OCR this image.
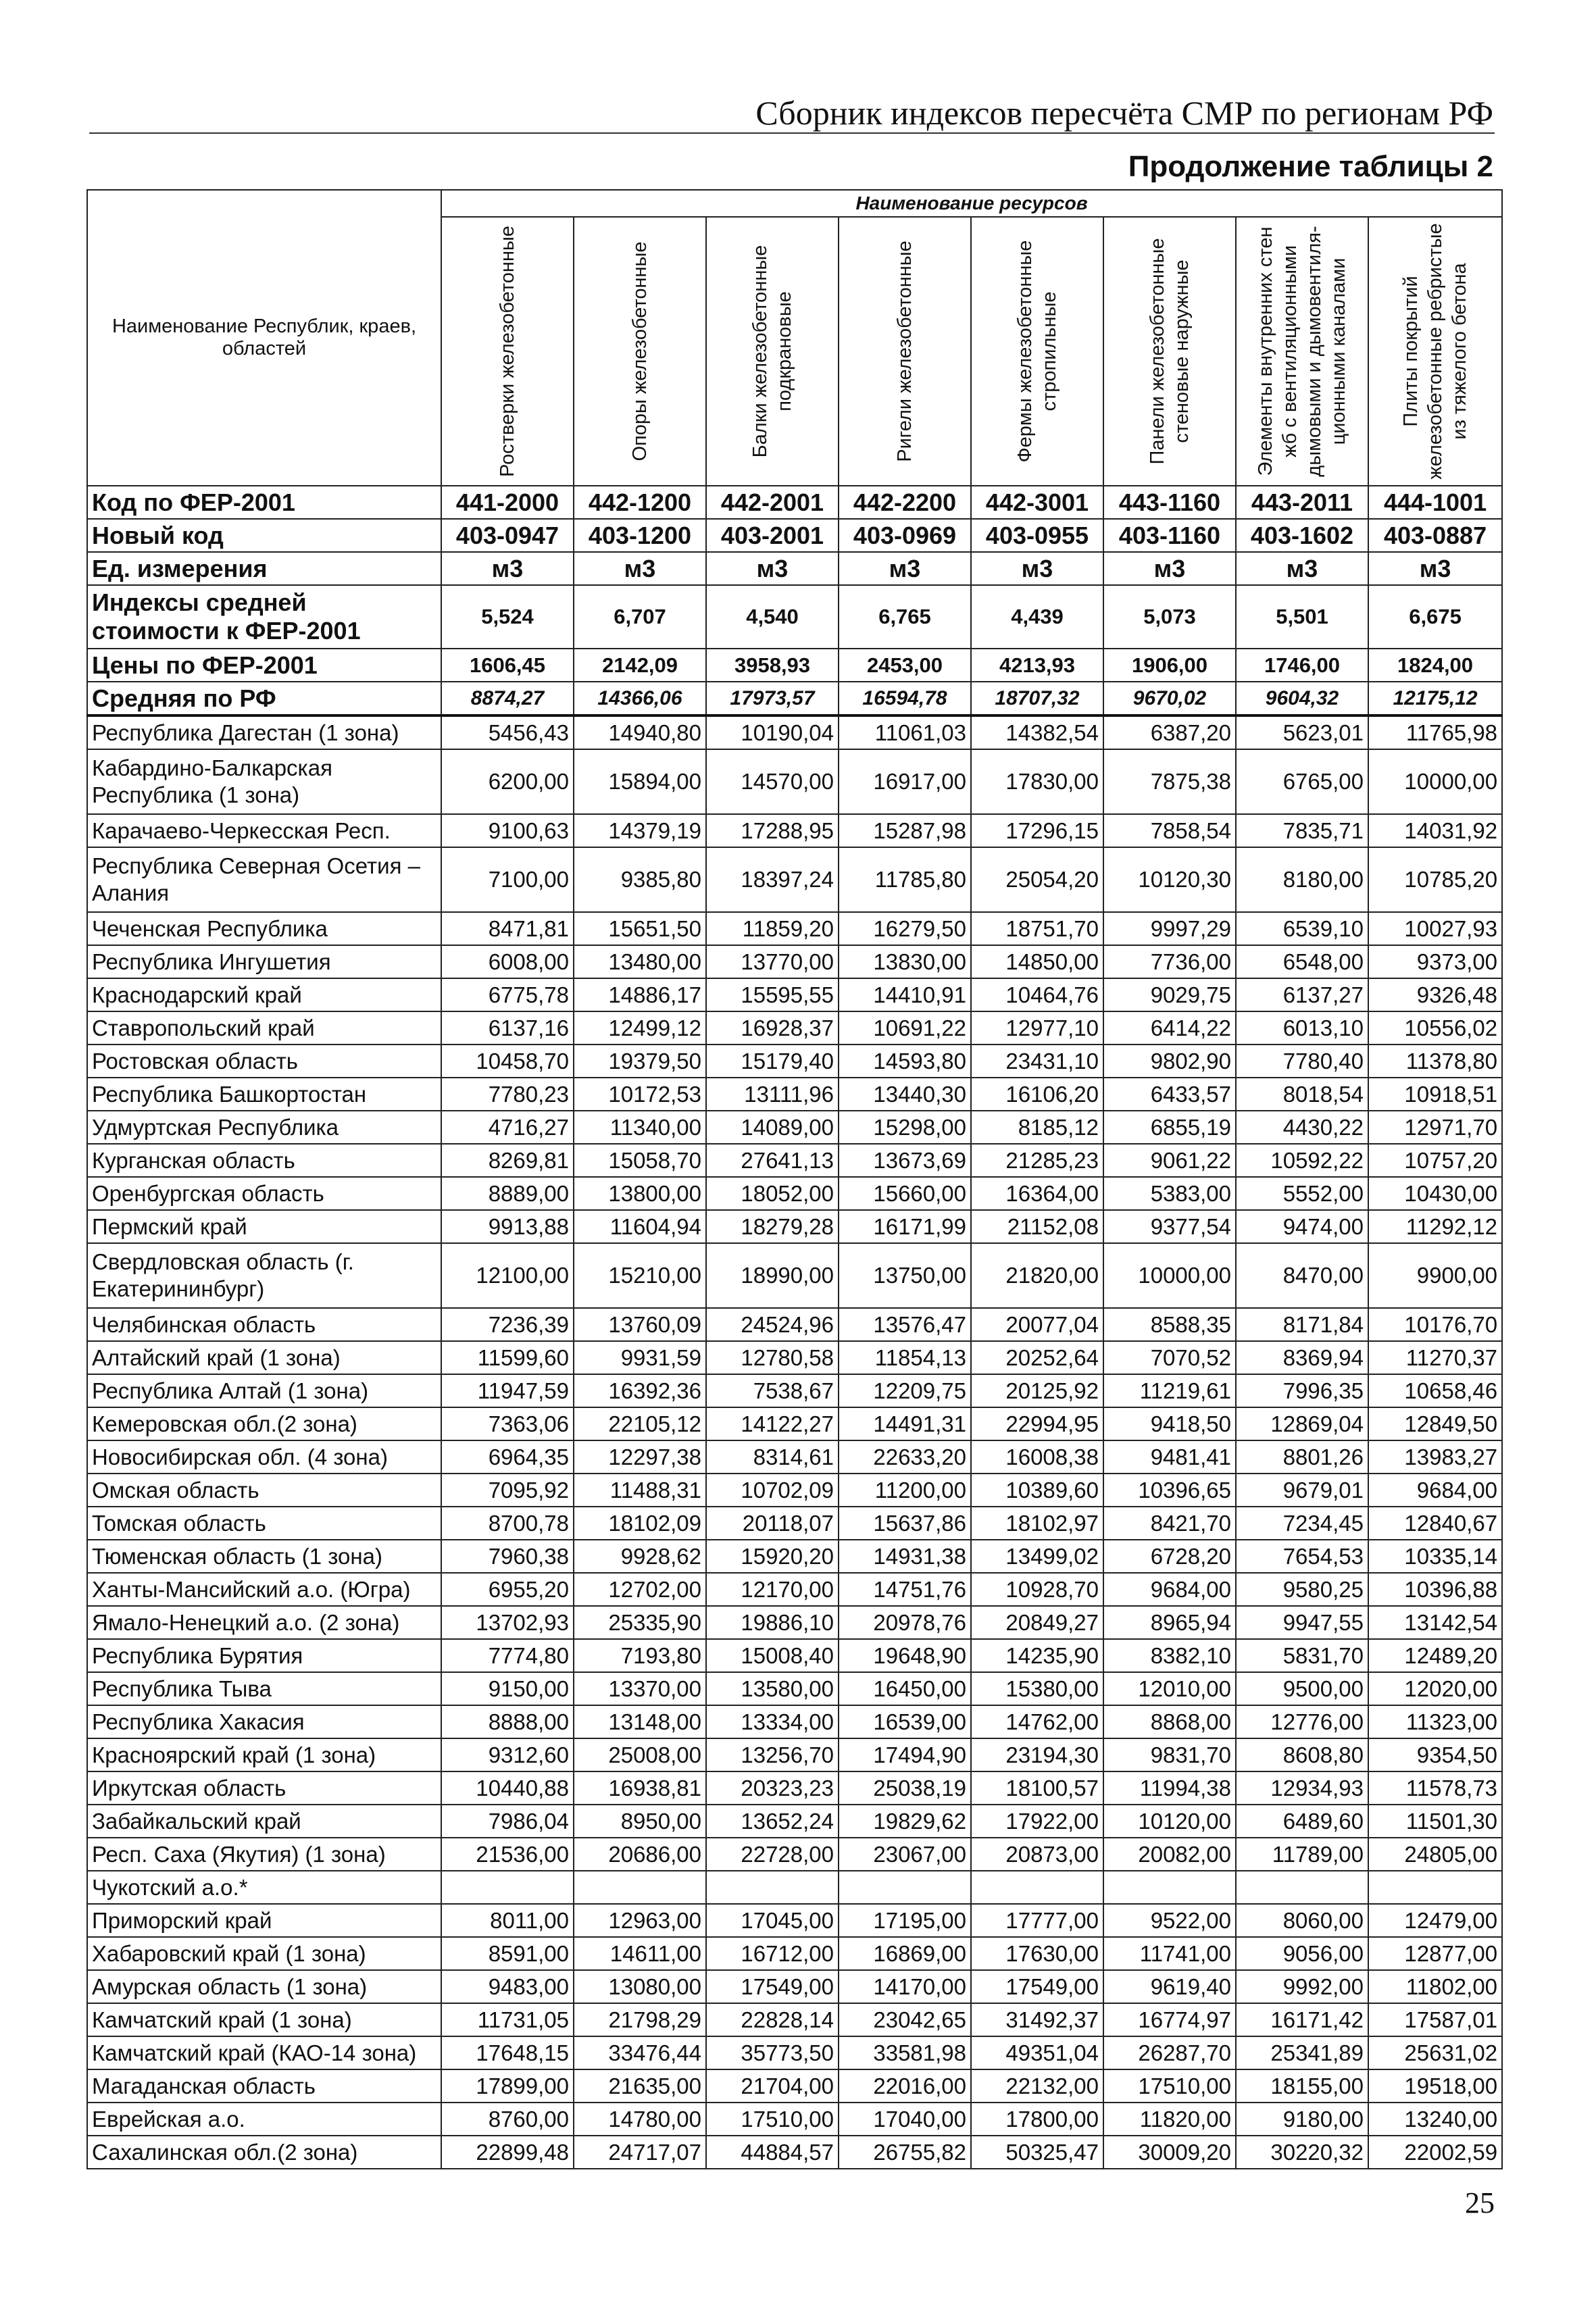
Сборник индексов пересчёта СМР по регионам РФ
Продолжение таблицы 2
Наименование Республик, краев, областей	Наименование ресурсов							

	Ростверки железобетонные	Опоры железобетонные	Балки железобетонные подкрановые	Ригели железобетонные	Фермы железобетонные стропильные	Панели железобетонные стеновые наружные	Элементы внутренних стен жб с вентиляционными дымовыми и дымовентиля-ционными каналами	Плиты покрытий железобетонные ребристые из тяжелого бетона

Код по ФЕР-2001	441-2000	442-1200	442-2001	442-2200	442-3001	443-1160	443-2011	444-1001
Новый код	403-0947	403-1200	403-2001	403-0969	403-0955	403-1160	403-1602	403-0887
Ед. измерения	м3	м3	м3	м3	м3	м3	м3	м3
Индексы средней стоимости к ФЕР-2001	5,524	6,707	4,540	6,765	4,439	5,073	5,501	6,675
Цены по ФЕР-2001	1606,45	2142,09	3958,93	2453,00	4213,93	1906,00	1746,00	1824,00
Средняя по РФ	8874,27	14366,06	17973,57	16594,78	18707,32	9670,02	9604,32	12175,12
Республика Дагестан (1 зона)	5456,43	14940,80	10190,04	11061,03	14382,54	6387,20	5623,01	11765,98
Кабардино-Балкарская Республика (1 зона)	6200,00	15894,00	14570,00	16917,00	17830,00	7875,38	6765,00	10000,00
Карачаево-Черкесская Респ.	9100,63	14379,19	17288,95	15287,98	17296,15	7858,54	7835,71	14031,92
Республика Северная Осетия – Алания	7100,00	9385,80	18397,24	11785,80	25054,20	10120,30	8180,00	10785,20
Чеченская Республика	8471,81	15651,50	11859,20	16279,50	18751,70	9997,29	6539,10	10027,93
Республика Ингушетия	6008,00	13480,00	13770,00	13830,00	14850,00	7736,00	6548,00	9373,00
Краснодарский край	6775,78	14886,17	15595,55	14410,91	10464,76	9029,75	6137,27	9326,48
Ставропольский край	6137,16	12499,12	16928,37	10691,22	12977,10	6414,22	6013,10	10556,02
Ростовская область	10458,70	19379,50	15179,40	14593,80	23431,10	9802,90	7780,40	11378,80
Республика Башкортостан	7780,23	10172,53	13111,96	13440,30	16106,20	6433,57	8018,54	10918,51
Удмуртская Республика	4716,27	11340,00	14089,00	15298,00	8185,12	6855,19	4430,22	12971,70
Курганская область	8269,81	15058,70	27641,13	13673,69	21285,23	9061,22	10592,22	10757,20
Оренбургская область	8889,00	13800,00	18052,00	15660,00	16364,00	5383,00	5552,00	10430,00
Пермский край	9913,88	11604,94	18279,28	16171,99	21152,08	9377,54	9474,00	11292,12
Свердловская область (г. Екатерининбург)	12100,00	15210,00	18990,00	13750,00	21820,00	10000,00	8470,00	9900,00
Челябинская область	7236,39	13760,09	24524,96	13576,47	20077,04	8588,35	8171,84	10176,70
Алтайский край (1 зона)	11599,60	9931,59	12780,58	11854,13	20252,64	7070,52	8369,94	11270,37
Республика Алтай (1 зона)	11947,59	16392,36	7538,67	12209,75	20125,92	11219,61	7996,35	10658,46
Кемеровская обл.(2 зона)	7363,06	22105,12	14122,27	14491,31	22994,95	9418,50	12869,04	12849,50
Новосибирская обл. (4 зона)	6964,35	12297,38	8314,61	22633,20	16008,38	9481,41	8801,26	13983,27
Омская область	7095,92	11488,31	10702,09	11200,00	10389,60	10396,65	9679,01	9684,00
Томская область	8700,78	18102,09	20118,07	15637,86	18102,97	8421,70	7234,45	12840,67
Тюменская область (1 зона)	7960,38	9928,62	15920,20	14931,38	13499,02	6728,20	7654,53	10335,14
Ханты-Мансийский а.о. (Югра)	6955,20	12702,00	12170,00	14751,76	10928,70	9684,00	9580,25	10396,88
Ямало-Ненецкий а.о. (2 зона)	13702,93	25335,90	19886,10	20978,76	20849,27	8965,94	9947,55	13142,54
Республика Бурятия	7774,80	7193,80	15008,40	19648,90	14235,90	8382,10	5831,70	12489,20
Республика Тыва	9150,00	13370,00	13580,00	16450,00	15380,00	12010,00	9500,00	12020,00
Республика Хакасия	8888,00	13148,00	13334,00	16539,00	14762,00	8868,00	12776,00	11323,00
Красноярский край (1 зона)	9312,60	25008,00	13256,70	17494,90	23194,30	9831,70	8608,80	9354,50
Иркутская область	10440,88	16938,81	20323,23	25038,19	18100,57	11994,38	12934,93	11578,73
Забайкальский край	7986,04	8950,00	13652,24	19829,62	17922,00	10120,00	6489,60	11501,30
Респ. Саха (Якутия) (1 зона)	21536,00	20686,00	22728,00	23067,00	20873,00	20082,00	11789,00	24805,00
Чукотский а.о.*								
Приморский край	8011,00	12963,00	17045,00	17195,00	17777,00	9522,00	8060,00	12479,00
Хабаровский край (1 зона)	8591,00	14611,00	16712,00	16869,00	17630,00	11741,00	9056,00	12877,00
Амурская область (1 зона)	9483,00	13080,00	17549,00	14170,00	17549,00	9619,40	9992,00	11802,00
Камчатский край (1 зона)	11731,05	21798,29	22828,14	23042,65	31492,37	16774,97	16171,42	17587,01
Камчатский край (КАО-14 зона)	17648,15	33476,44	35773,50	33581,98	49351,04	26287,70	25341,89	25631,02
Магаданская область	17899,00	21635,00	21704,00	22016,00	22132,00	17510,00	18155,00	19518,00
Еврейская а.о.	8760,00	14780,00	17510,00	17040,00	17800,00	11820,00	9180,00	13240,00
Сахалинская обл.(2 зона)	22899,48	24717,07	44884,57	26755,82	50325,47	30009,20	30220,32	22002,59
25
